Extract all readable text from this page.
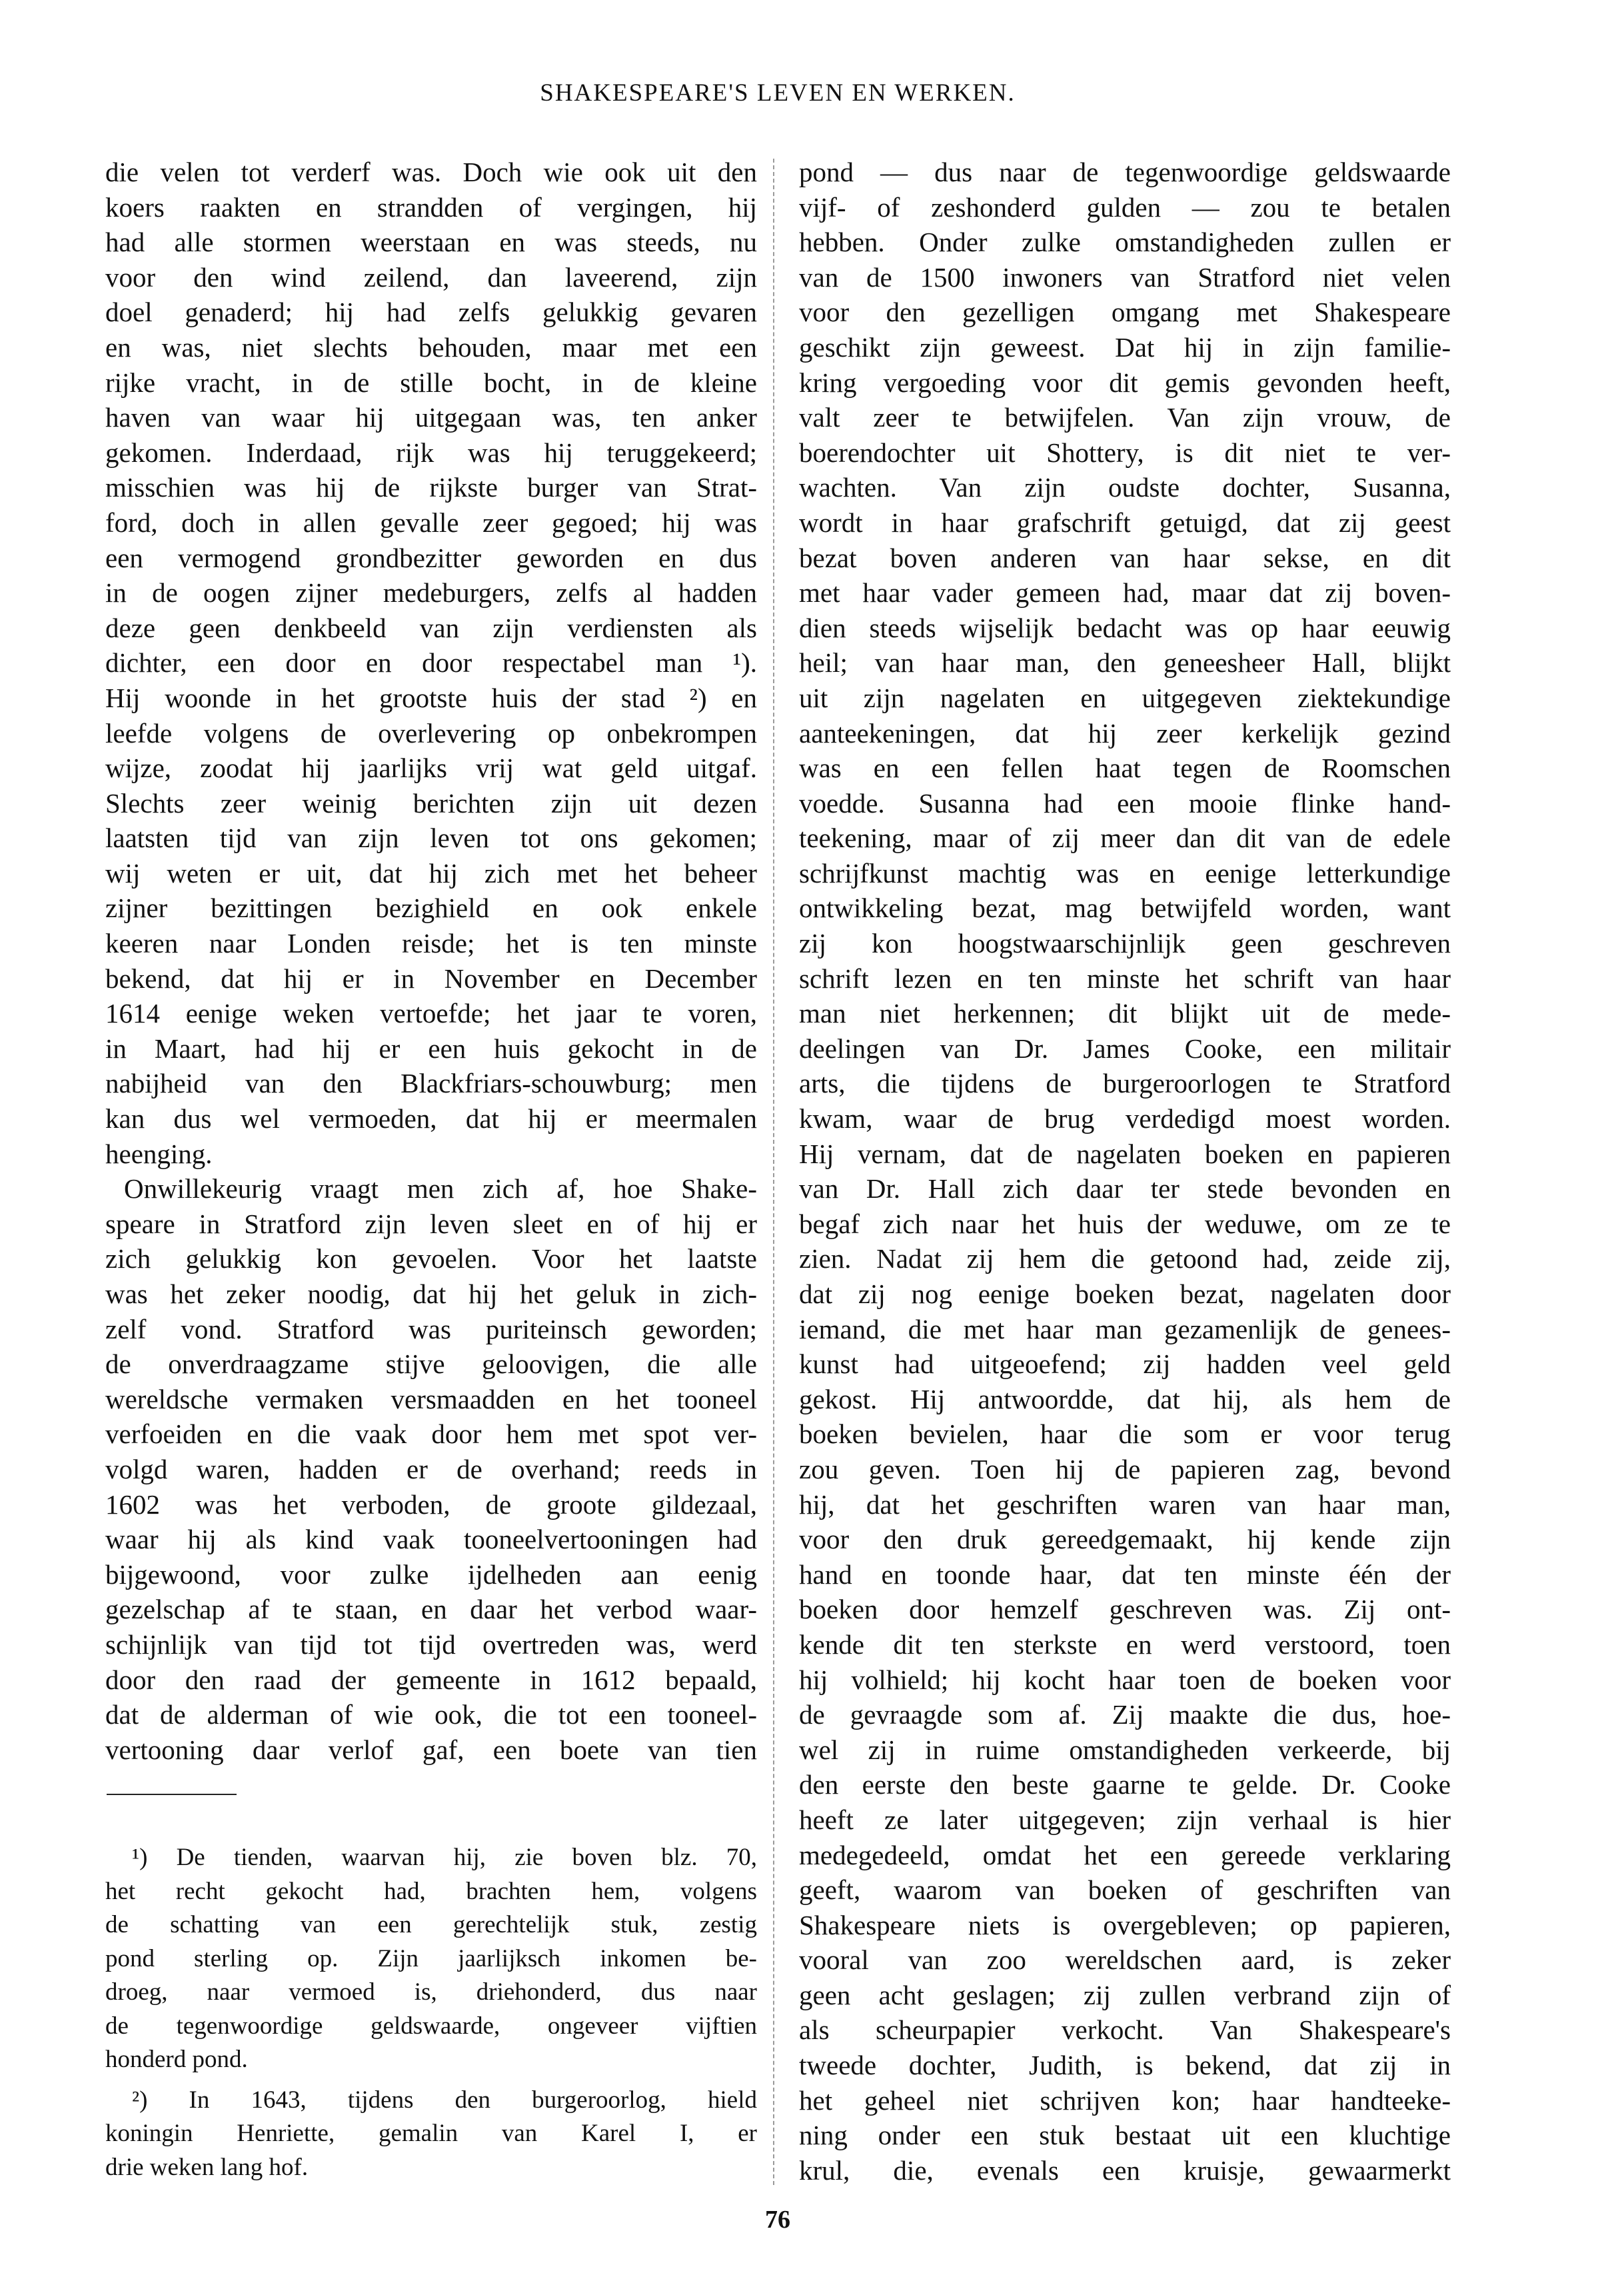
SHAKESPEARE'S LEVEN EN WERKEN.
die velen tot verderf was. Doch wie ook uit den
koers raakten en strandden of vergingen, hij
had alle stormen weerstaan en was steeds, nu
voor den wind zeilend, dan laveerend, zijn
doel genaderd; hij had zelfs gelukkig gevaren
en was, niet slechts behouden, maar met een
rijke vracht, in de stille bocht, in de kleine
haven van waar hij uitgegaan was, ten anker
gekomen. Inderdaad, rijk was hij teruggekeerd;
misschien was hij de rijkste burger van Strat-
ford, doch in allen gevalle zeer gegoed; hij was
een vermogend grondbezitter geworden en dus
in de oogen zijner medeburgers, zelfs al hadden
deze geen denkbeeld van zijn verdiensten als
dichter, een door en door respectabel man ¹).
Hij woonde in het grootste huis der stad ²) en
leefde volgens de overlevering op onbekrompen
wijze, zoodat hij jaarlijks vrij wat geld uitgaf.
Slechts zeer weinig berichten zijn uit dezen
laatsten tijd van zijn leven tot ons gekomen;
wij weten er uit, dat hij zich met het beheer
zijner bezittingen bezighield en ook enkele
keeren naar Londen reisde; het is ten minste
bekend, dat hij er in November en December
1614 eenige weken vertoefde; het jaar te voren,
in Maart, had hij er een huis gekocht in de
nabijheid van den Blackfriars-schouwburg; men
kan dus wel vermoeden, dat hij er meermalen
heenging.
Onwillekeurig vraagt men zich af, hoe Shake-
speare in Stratford zijn leven sleet en of hij er
zich gelukkig kon gevoelen. Voor het laatste
was het zeker noodig, dat hij het geluk in zich-
zelf vond. Stratford was puriteinsch geworden;
de onverdraagzame stijve geloovigen, die alle
wereldsche vermaken versmaadden en het tooneel
verfoeiden en die vaak door hem met spot ver-
volgd waren, hadden er de overhand; reeds in
1602 was het verboden, de groote gildezaal,
waar hij als kind vaak tooneelvertooningen had
bijgewoond, voor zulke ijdelheden aan eenig
gezelschap af te staan, en daar het verbod waar-
schijnlijk van tijd tot tijd overtreden was, werd
door den raad der gemeente in 1612 bepaald,
dat de alderman of wie ook, die tot een tooneel-
vertooning daar verlof gaf, een boete van tien
pond — dus naar de tegenwoordige geldswaarde
vijf- of zeshonderd gulden — zou te betalen
hebben. Onder zulke omstandigheden zullen er
van de 1500 inwoners van Stratford niet velen
voor den gezelligen omgang met Shakespeare
geschikt zijn geweest. Dat hij in zijn familie-
kring vergoeding voor dit gemis gevonden heeft,
valt zeer te betwijfelen. Van zijn vrouw, de
boerendochter uit Shottery, is dit niet te ver-
wachten. Van zijn oudste dochter, Susanna,
wordt in haar grafschrift getuigd, dat zij geest
bezat boven anderen van haar sekse, en dit
met haar vader gemeen had, maar dat zij boven-
dien steeds wijselijk bedacht was op haar eeuwig
heil; van haar man, den geneesheer Hall, blijkt
uit zijn nagelaten en uitgegeven ziektekundige
aanteekeningen, dat hij zeer kerkelijk gezind
was en een fellen haat tegen de Roomschen
voedde. Susanna had een mooie flinke hand-
teekening, maar of zij meer dan dit van de edele
schrijfkunst machtig was en eenige letterkundige
ontwikkeling bezat, mag betwijfeld worden, want
zij kon hoogstwaarschijnlijk geen geschreven
schrift lezen en ten minste het schrift van haar
man niet herkennen; dit blijkt uit de mede-
deelingen van Dr. James Cooke, een militair
arts, die tijdens de burgeroorlogen te Stratford
kwam, waar de brug verdedigd moest worden.
Hij vernam, dat de nagelaten boeken en papieren
van Dr. Hall zich daar ter stede bevonden en
begaf zich naar het huis der weduwe, om ze te
zien. Nadat zij hem die getoond had, zeide zij,
dat zij nog eenige boeken bezat, nagelaten door
iemand, die met haar man gezamenlijk de genees-
kunst had uitgeoefend; zij hadden veel geld
gekost. Hij antwoordde, dat hij, als hem de
boeken bevielen, haar die som er voor terug
zou geven. Toen hij de papieren zag, bevond
hij, dat het geschriften waren van haar man,
voor den druk gereedgemaakt, hij kende zijn
hand en toonde haar, dat ten minste één der
boeken door hemzelf geschreven was. Zij ont-
kende dit ten sterkste en werd verstoord, toen
hij volhield; hij kocht haar toen de boeken voor
de gevraagde som af. Zij maakte die dus, hoe-
wel zij in ruime omstandigheden verkeerde, bij
den eerste den beste gaarne te gelde. Dr. Cooke
heeft ze later uitgegeven; zijn verhaal is hier
medegedeeld, omdat het een gereede verklaring
geeft, waarom van boeken of geschriften van
Shakespeare niets is overgebleven; op papieren,
vooral van zoo wereldschen aard, is zeker
geen acht geslagen; zij zullen verbrand zijn of
als scheurpapier verkocht. Van Shakespeare's
tweede dochter, Judith, is bekend, dat zij in
het geheel niet schrijven kon; haar handteeke-
ning onder een stuk bestaat uit een kluchtige
krul, die, evenals een kruisje, gewaarmerkt
¹) De tienden, waarvan hij, zie boven blz. 70,
het recht gekocht had, brachten hem, volgens
de schatting van een gerechtelijk stuk, zestig
pond sterling op. Zijn jaarlijksch inkomen be-
droeg, naar vermoed is, driehonderd, dus naar
de tegenwoordige geldswaarde, ongeveer vijftien
honderd pond.
²) In 1643, tijdens den burgeroorlog, hield
koningin Henriette, gemalin van Karel I, er
drie weken lang hof.
76
